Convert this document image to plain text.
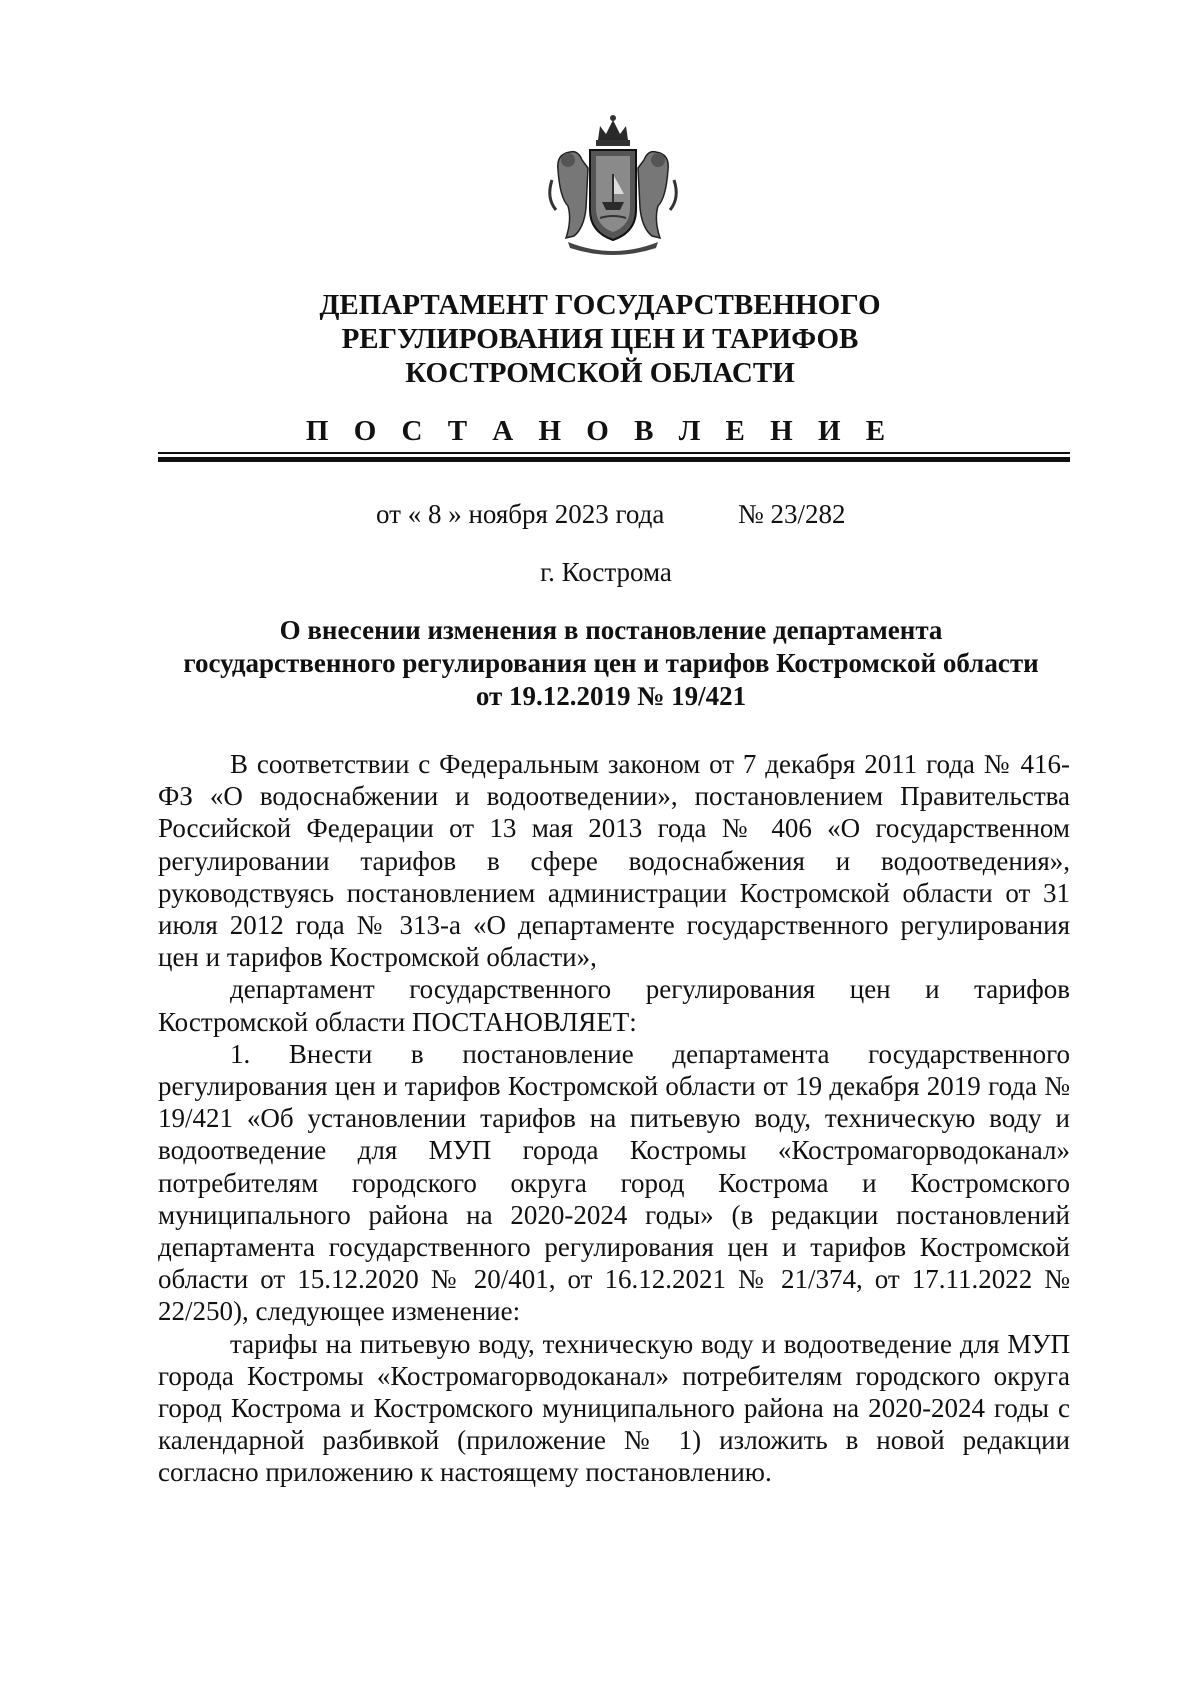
ДЕПАРТАМЕНТ ГОСУДАРСТВЕННОГО
РЕГУЛИРОВАНИЯ ЦЕН И ТАРИФОВ
КОСТРОМСКОЙ ОБЛАСТИ
П О С Т А Н О В Л Е Н И Е
от « 8 » ноября 2023 года	№ 23/282
г. Кострома
О внесении изменения в постановление департамента
государственного регулирования цен и тарифов Костромской области
от 19.12.2019 № 19/421

В соответствии с Федеральным законом от 7 декабря 2011 года № 416-ФЗ «О водоснабжении и водоотведении», постановлением Правительства Российской Федерации от 13 мая 2013 года № 406 «О государственном регулировании тарифов в сфере водоснабжения и водоотведения», руководствуясь постановлением администрации Костромской области от 31 июля 2012 года № 313-а «О департаменте государственного регулирования цен и тарифов Костромской области»,

департамент государственного регулирования цен и тарифов Костромской области ПОСТАНОВЛЯЕТ:

1. Внести в постановление департамента государственного регулирования цен и тарифов Костромской области от 19 декабря 2019 года № 19/421 «Об установлении тарифов на питьевую воду, техническую воду и водоотведение для МУП города Костромы «Костромагорводоканал» потребителям городского округа город Кострома и Костромского муниципального района на 2020-2024 годы» (в редакции постановлений департамента государственного регулирования цен и тарифов Костромской области от 15.12.2020 № 20/401, от 16.12.2021 № 21/374, от 17.11.2022 № 22/250), следующее изменение:

тарифы на питьевую воду, техническую воду и водоотведение для МУП города Костромы «Костромагорводоканал» потребителям городского округа город Кострома и Костромского муниципального района на 2020-2024 годы с календарной разбивкой (приложение № 1) изложить в новой редакции согласно приложению к настоящему постановлению.
